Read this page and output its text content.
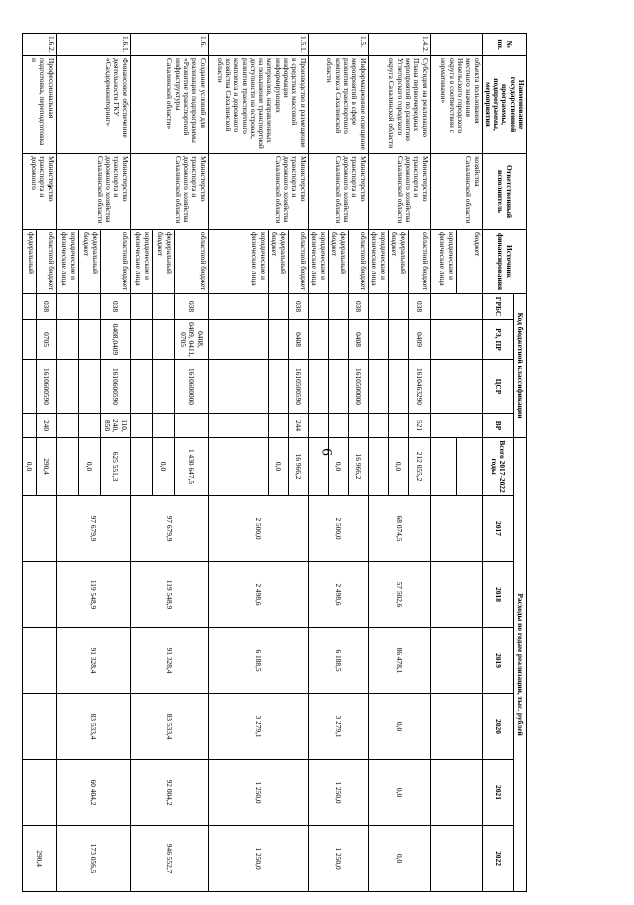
6
№ пп.	Наименование государственной программы, подпрограммы, мероприятия	Ответственный исполнитель	Источник финансирования	Код бюджетной классификации				Расходы по годам реализации, тыс. рублей						
				ГРБС	РЗ, ПР	ЦСР	ВР	Всего 2017-2022 годы	2017	2018	2019	2020	2021	2022
	объекта пользования местного значения Невельского городского округа в соответствии с нормативами»	хозяйства Сахалинской области	бюджет											
			юридические и физические лица											
1.4.2.	Субсидия на реализацию Плана первоочередных мероприятий по развитию Углегорского городского округа Сахалинской области	Министерство транспорта и дорожного хозяйства Сахалинской области	областной бюджет	038	0409	1610463290	521	212 055,2	68 074,5	57 502,6	86 478,1	0,0	0,0	0,0
			федеральный бюджет					0,0						
			юридические и физические лица											
1.5.	Информационное освещение мероприятий в сфере развития транспортного комплекса Сахалинской области	Министерство транспорта и дорожного хозяйства Сахалинской области	областной бюджет	038	0408	1610500000		16 966,2	2 500,0	2 498,6	6 188,5	3 279,1	1 250,0	1 250,0
			федеральный бюджет					0,0						
			юридические и физические лица											
1.5.1.	Производство и размещение в средствах массовой информации информирующих материалов, направленных на повышение транспортной доступности на островах, развития транспортного комплекса и дорожного хозяйства Сахалинской области	Министерство транспорта и дорожного хозяйства Сахалинской области	областной бюджет	038	0408	1610500590	244	16 966,2	2 500,0	2 498,6	6 188,5	3 279,1	1 250,0	1 250,0
			федеральный бюджет					0,0						
			юридические и физические лица											
1.6.	Создание условий для реализации подпрограммы «Развитие транспортной инфраструктуры Сахалинской области»	Министерство транспорта и дорожного хозяйства Сахалинской области	областной бюджет	038	0408, 0409, 0411, 0705	1610600000		1 430 647,5	97 679,9	119 548,9	91 328,4	83 533,4	92 004,2	946 552,7
			федеральный бюджет					0,0						
			юридические и физические лица											
1.6.1.	Финансовое обеспечение деятельности ГКУ «Сахдормониторинг»	Министерство транспорта и дорожного хозяйства Сахалинской области	областной бюджет	038	0408,0409	1610600590	110, 240, 850	625 551,3	97 679,9	119 548,9	91 328,4	83 533,4	60 404,2	173 056,5
			федеральный бюджет					0,0						
			юридические и физические лица											
1.6.2.	Профессиональная подготовка, переподготовка и	Министерство транспорта и дорожного	областной бюджет	038	0705	1610600590	240	290,4						290,4
			федеральный					0,0						
